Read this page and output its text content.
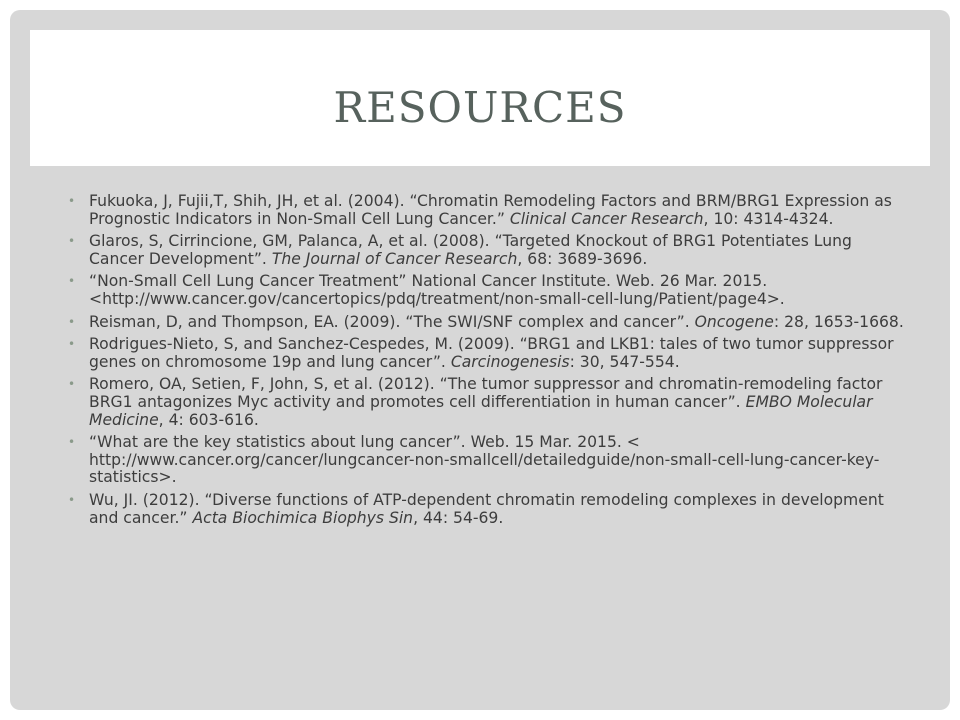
RESOURCES
• Fukuoka, J, Fujii,T, Shih, JH, et al. (2004). “Chromatin Remodeling Factors and BRM/BRG1 Expression as Prognostic Indicators in Non-Small Cell Lung Cancer.” Clinical Cancer Research, 10: 4314-4324.
• Glaros, S, Cirrincione, GM, Palanca, A, et al. (2008). “Targeted Knockout of BRG1 Potentiates Lung Cancer Development”. The Journal of Cancer Research, 68: 3689-3696.
• “Non-Small Cell Lung Cancer Treatment” National Cancer Institute. Web. 26 Mar. 2015. <http://www.cancer.gov/cancertopics/pdq/treatment/non-small-cell-lung/Patient/page4>.
• Reisman, D, and Thompson, EA. (2009). “The SWI/SNF complex and cancer”. Oncogene: 28, 1653-1668.
• Rodrigues-Nieto, S, and Sanchez-Cespedes, M. (2009). “BRG1 and LKB1: tales of two tumor suppressor genes on chromosome 19p and lung cancer”. Carcinogenesis: 30, 547-554.
• Romero, OA, Setien, F, John, S, et al. (2012). “The tumor suppressor and chromatin-remodeling factor BRG1 antagonizes Myc activity and promotes cell differentiation in human cancer”. EMBO Molecular Medicine, 4: 603-616.
• “What are the key statistics about lung cancer”. Web. 15 Mar. 2015. < http://www.cancer.org/cancer/lungcancer-non-smallcell/detailedguide/non-small-cell-lung-cancer-key-statistics>.
• Wu, JI. (2012). “Diverse functions of ATP-dependent chromatin remodeling complexes in development and cancer.” Acta Biochimica Biophys Sin, 44: 54-69.
